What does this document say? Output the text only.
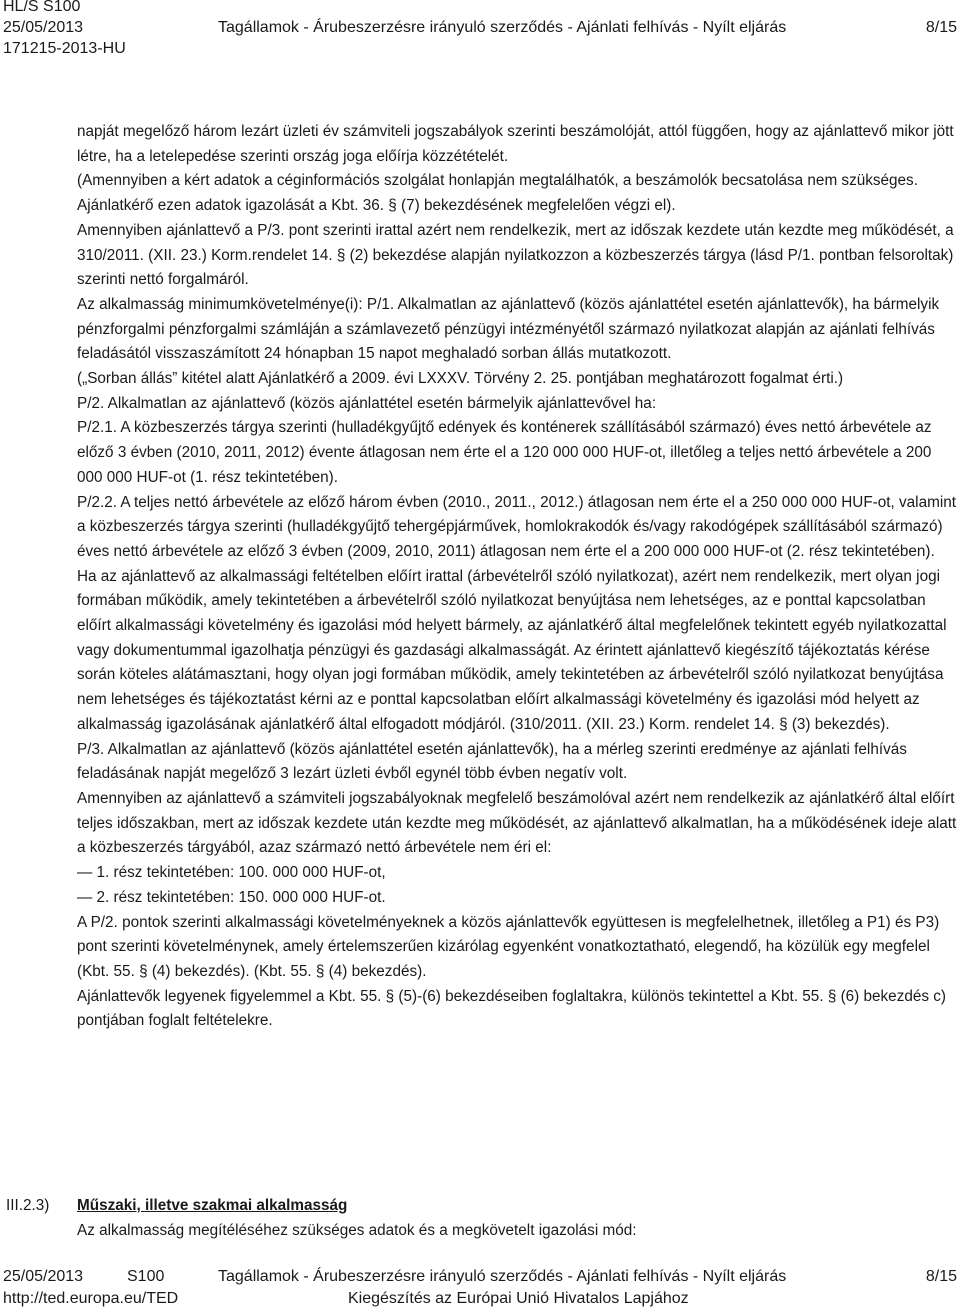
HL/S S100
25/05/2013	Tagállamok - Árubeszerzésre irányuló szerződés - Ajánlati felhívás - Nyílt eljárás	8/15
171215-2013-HU

napját megelőző három lezárt üzleti év számviteli jogszabályok szerinti beszámolóját, attól függően, hogy az ajánlattevő mikor jött létre, ha a letelepedése szerinti ország joga előírja közzétételét.

(Amennyiben a kért adatok a céginformációs szolgálat honlapján megtalálhatók, a beszámolók becsatolása nem szükséges. Ajánlatkérő ezen adatok igazolását a Kbt. 36. § (7) bekezdésének megfelelően végzi el).

Amennyiben ajánlattevő a P/3. pont szerinti irattal azért nem rendelkezik, mert az időszak kezdete után kezdte meg működését, a 310/2011. (XII. 23.) Korm.rendelet 14. § (2) bekezdése alapján nyilatkozzon a közbeszerzés tárgya (lásd P/1. pontban felsoroltak) szerinti nettó forgalmáról.

Az alkalmasság minimumkövetelménye(i): P/1. Alkalmatlan az ajánlattevő (közös ajánlattétel esetén ajánlattevők), ha bármelyik pénzforgalmi pénzforgalmi számláján a számlavezető pénzügyi intézményétől származó nyilatkozat alapján az ajánlati felhívás feladásától visszaszámított 24 hónapban 15 napot meghaladó sorban állás mutatkozott.

(„Sorban állás” kitétel alatt Ajánlatkérő a 2009. évi LXXXV. Törvény 2. 25. pontjában meghatározott fogalmat érti.)

P/2. Alkalmatlan az ajánlattevő (közös ajánlattétel esetén bármelyik ajánlattevővel ha:

P/2.1. A közbeszerzés tárgya szerinti (hulladékgyűjtő edények és konténerek szállításából származó) éves nettó árbevétele az előző 3 évben (2010, 2011, 2012) évente átlagosan nem érte el a 120 000 000 HUF-ot, illetőleg a teljes nettó árbevétele a 200 000 000 HUF-ot (1. rész tekintetében).

P/2.2. A teljes nettó árbevétele az előző három évben (2010., 2011., 2012.) átlagosan nem érte el a 250 000 000 HUF-ot, valamint a közbeszerzés tárgya szerinti (hulladékgyűjtő tehergépjárművek, homlokrakodók és/vagy rakodógépek szállításából származó) éves nettó árbevétele az előző 3 évben (2009, 2010, 2011) átlagosan nem érte el a 200 000 000 HUF-ot (2. rész tekintetében).

Ha az ajánlattevő az alkalmassági feltételben előírt irattal (árbevételről szóló nyilatkozat), azért nem rendelkezik, mert olyan jogi formában működik, amely tekintetében a árbevételről szóló nyilatkozat benyújtása nem lehetséges, az e ponttal kapcsolatban előírt alkalmassági követelmény és igazolási mód helyett bármely, az ajánlatkérő által megfelelőnek tekintett egyéb nyilatkozattal vagy dokumentummal igazolhatja pénzügyi és gazdasági alkalmasságát. Az érintett ajánlattevő kiegészítő tájékoztatás kérése során köteles alátámasztani, hogy olyan jogi formában működik, amely tekintetében az árbevételről szóló nyilatkozat benyújtása nem lehetséges és tájékoztatást kérni az e ponttal kapcsolatban előírt alkalmassági követelmény és igazolási mód helyett az alkalmasság igazolásának ajánlatkérő által elfogadott módjáról. (310/2011. (XII. 23.) Korm. rendelet 14. § (3) bekezdés).

P/3. Alkalmatlan az ajánlattevő (közös ajánlattétel esetén ajánlattevők), ha a mérleg szerinti eredménye az ajánlati felhívás feladásának napját megelőző 3 lezárt üzleti évből egynél több évben negatív volt.

Amennyiben az ajánlattevő a számviteli jogszabályoknak megfelelő beszámolóval azért nem rendelkezik az ajánlatkérő által előírt teljes időszakban, mert az időszak kezdete után kezdte meg működését, az ajánlattevő alkalmatlan, ha a működésének ideje alatt a közbeszerzés tárgyából, azaz származó nettó árbevétele nem éri el:

— 1. rész tekintetében: 100. 000 000 HUF-ot,
— 2. rész tekintetében: 150. 000 000 HUF-ot.

A P/2. pontok szerinti alkalmassági követelményeknek a közös ajánlattevők együttesen is megfelelhetnek, illetőleg a P1) és P3) pont szerinti követelménynek, amely értelemszerűen kizárólag egyenként vonatkoztatható, elegendő, ha közülük egy megfelel (Kbt. 55. § (4) bekezdés). (Kbt. 55. § (4) bekezdés).

Ajánlattevők legyenek figyelemmel a Kbt. 55. § (5)-(6) bekezdéseiben foglaltakra, különös tekintettel a Kbt. 55. § (6) bekezdés c) pontjában foglalt feltételekre.

III.2.3) Műszaki, illetve szakmai alkalmasság
Az alkalmasság megítéléséhez szükséges adatok és a megkövetelt igazolási mód:
25/05/2013	S100	Tagállamok - Árubeszerzésre irányuló szerződés - Ajánlati felhívás - Nyílt eljárás	8/15
http://ted.europa.eu/TED	Kiegészítés az Európai Unió Hivatalos Lapjához
